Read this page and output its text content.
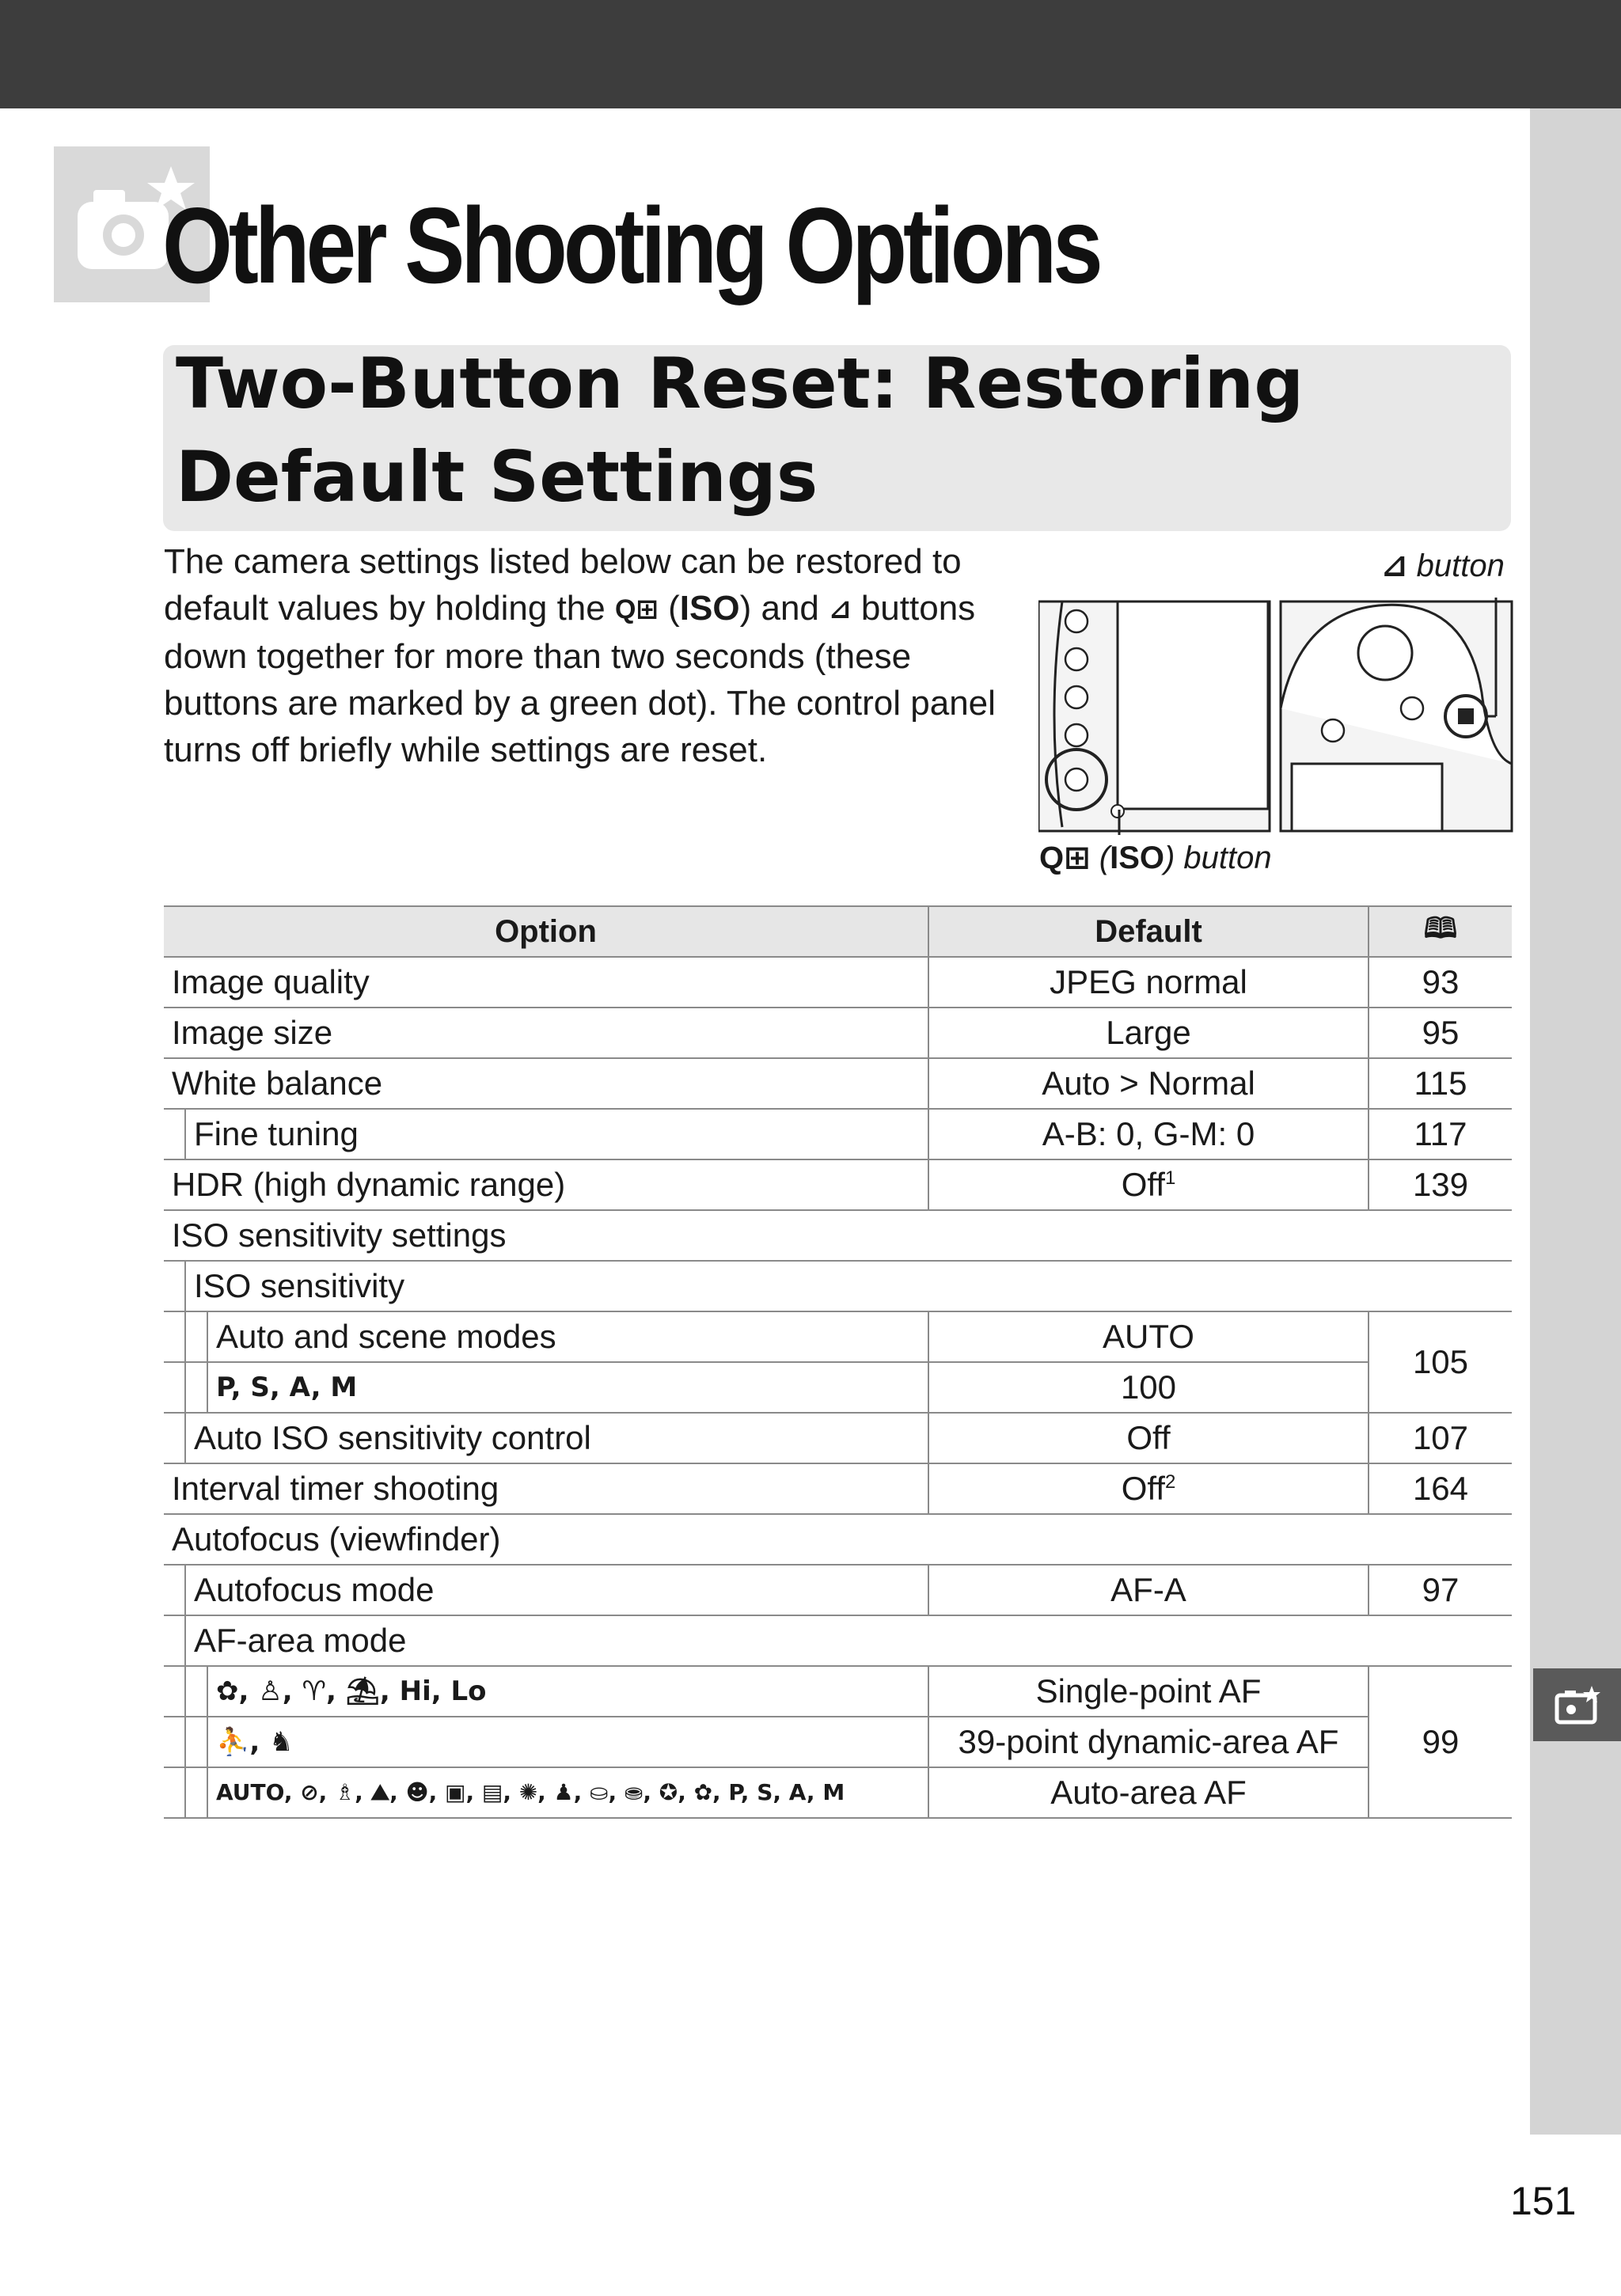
Other Shooting Options
Two-Button Reset: Restoring Default Settings

The camera settings listed below can be restored to default values by holding the Q⊞ (ISO) and ⊿ buttons down together for more than two seconds (these buttons are marked by a green dot). The control panel turns off briefly while settings are reset.

⊿ button
Q⊞ (ISO) button
Option	Default	🕮

Image quality	JPEG normal	93

Image size	Large	95

White balance	Auto > Normal	115

Fine tuning	A-B: 0, G-M: 0	117

HDR (high dynamic range)	Off$^1$	139

ISO sensitivity settings		

ISO sensitivity		

Auto and scene modes	AUTO	105

P, S, A, M	100	

Auto ISO sensitivity control	Off	107

Interval timer shooting	Off$^2$	164

Autofocus (viewfinder)		

Autofocus mode	AF-A	97

AF-area mode		

✿, ♙, ♈, ⛱, Hi, Lo	Single-point AF	99

⛹, ♞	39-point dynamic-area AF	

AUTO, ⊘, ♗, ⛰, ☻, ▣, ▤, ✺, ♟, ⛀, ⛂, ✪, ✿, P, S, A, M	Auto-area AF	
151
